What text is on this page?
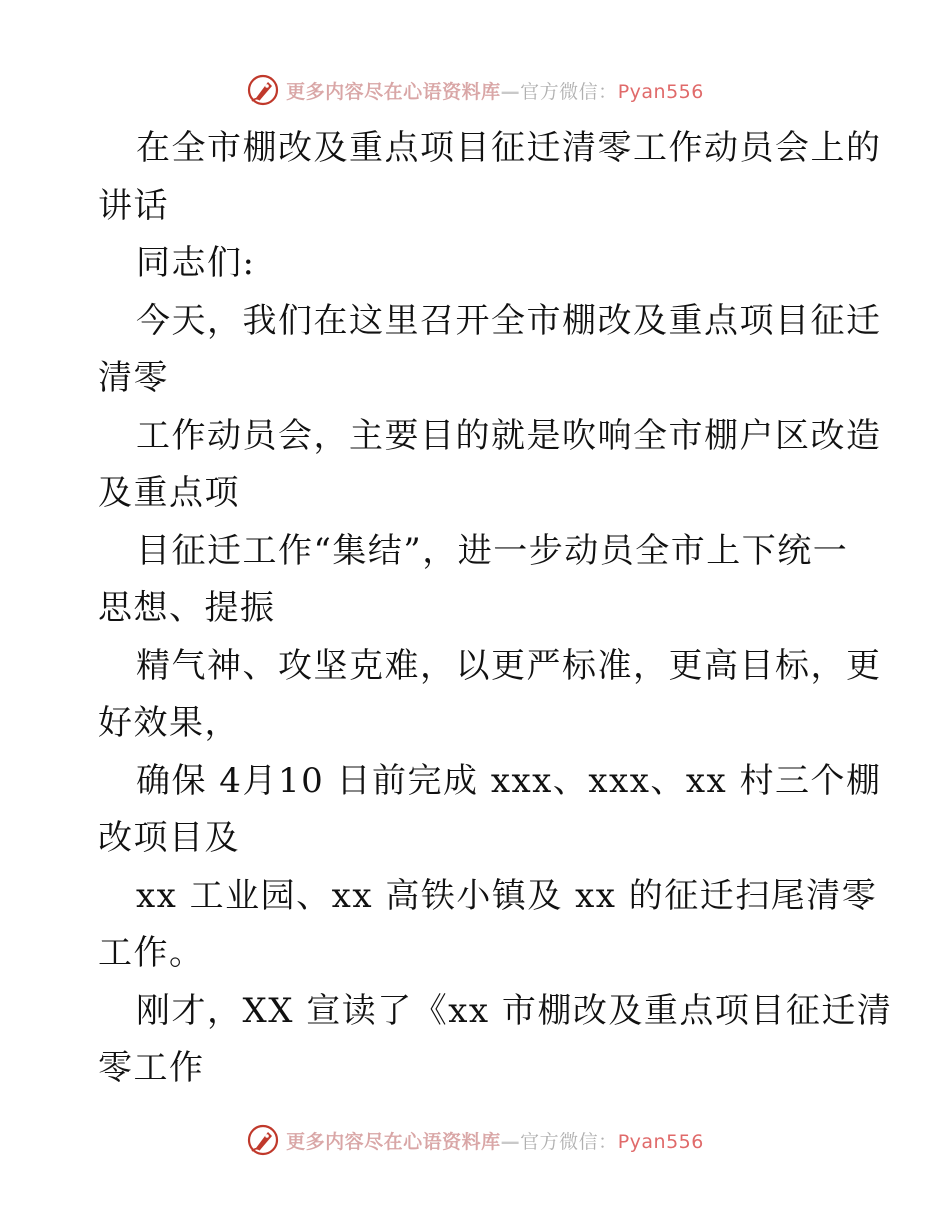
更多内容尽在心语资料库—官方微信：Pyan556
在全市棚改及重点项目征迁清零工作动员会上的
讲话
同志们:
今天，我们在这里召开全市棚改及重点项目征迁
清零
工作动员会，主要目的就是吹响全市棚户区改造
及重点项
目征迁工作“集结”，进一步动员全市上下统一
思想、提振
精气神、攻坚克难，以更严标准，更高目标，更
好效果，
确保 4月10 日前完成 xxx、xxx、xx 村三个棚
改项目及
xx 工业园、xx 高铁小镇及 xx 的征迁扫尾清零
工作。
刚才，XX 宣读了《xx 市棚改及重点项目征迁清
零工作
更多内容尽在心语资料库—官方微信：Pyan556
